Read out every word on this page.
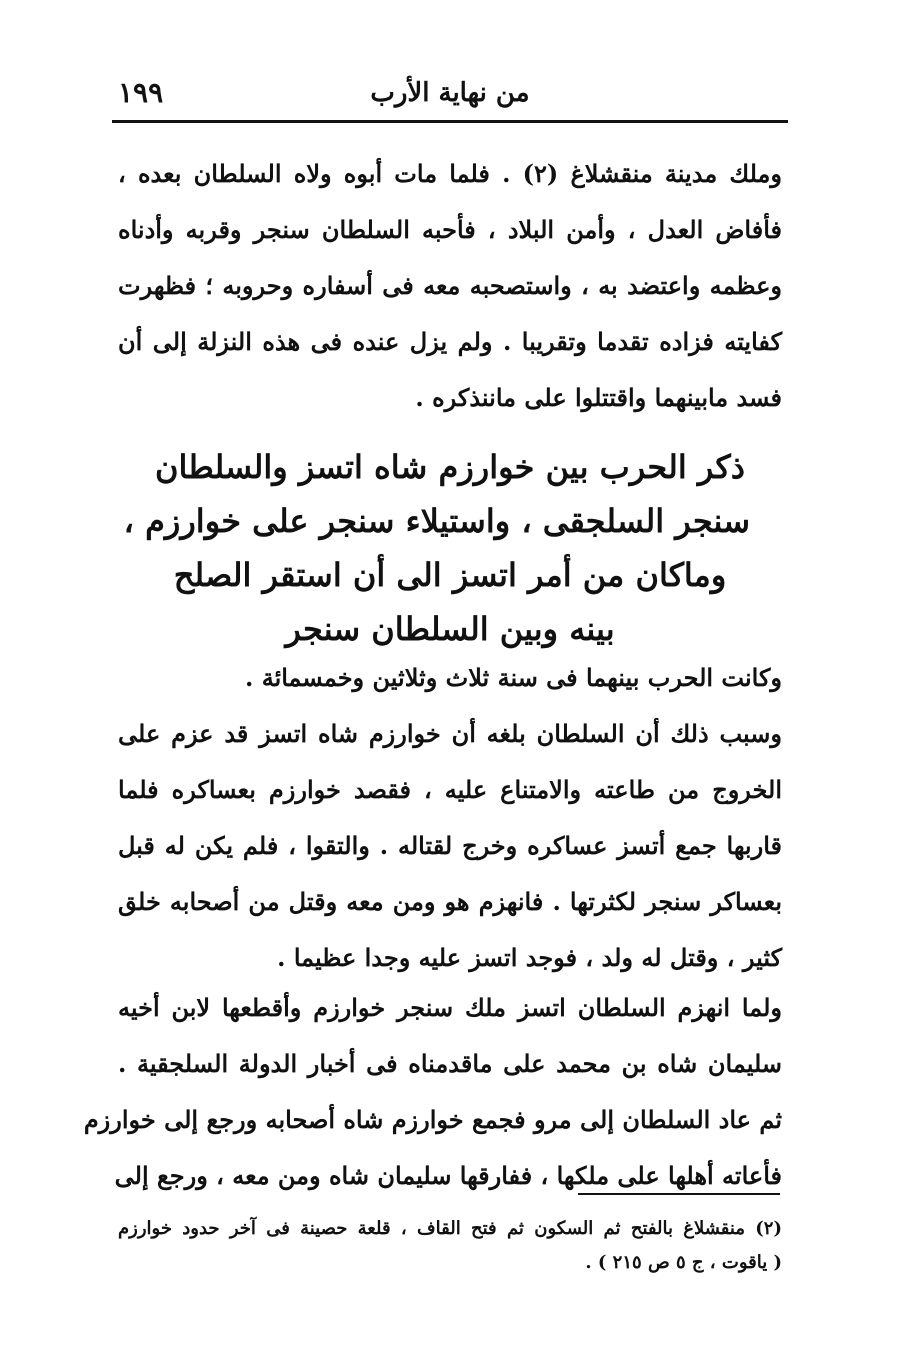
١٩٩	من نهاية الأرب
وملك مدينة منقشلاغ (٢) . فلما مات أبوه ولاه السلطان بعده ،
فأفاض العدل ، وأمن البلاد ، فأحبه السلطان سنجر وقربه وأدناه
وعظمه واعتضد به ، واستصحبه معه فى أسفاره وحروبه ؛ فظهرت
كفايته فزاده تقدما وتقريبا . ولم يزل عنده فى هذه النزلة إلى أن
فسد مابينهما واقتتلوا على ماننذكره .
ذكر الحرب بين خوارزم شاه اتسز والسلطان
سنجر السلجقى ، واستيلاء سنجر على خوارزم ،
وماكان من أمر اتسز الى أن استقر الصلح
بينه وبين السلطان سنجر
وكانت الحرب بينهما فى سنة ثلاث وثلاثين وخمسمائة .
وسبب ذلك أن السلطان بلغه أن خوارزم شاه اتسز قد عزم على
الخروج من طاعته والامتناع عليه ، فقصد خوارزم بعساكره فلما
قاربها جمع أتسز عساكره وخرج لقتاله . والتقوا ، فلم يكن له قبل
بعساكر سنجر لكثرتها . فانهزم هو ومن معه وقتل من أصحابه خلق
كثير ، وقتل له ولد ، فوجد اتسز عليه وجدا عظيما .
ولما انهزم السلطان اتسز ملك سنجر خوارزم وأقطعها لابن أخيه
سليمان شاه بن محمد على ماقدمناه فى أخبار الدولة السلجقية .
ثم عاد السلطان إلى مرو فجمع خوارزم شاه أصحابه ورجع إلى خوارزم
فأعاته أهلها على ملكها ، ففارقها سليمان شاه ومن معه ، ورجع إلى
(٢) منقشلاغ بالفتح ثم السكون ثم فتح القاف ، قلعة حصينة فى آخر حدود خوارزم
( ياقوت ، ج ٥ ص ٢١٥ ) .
